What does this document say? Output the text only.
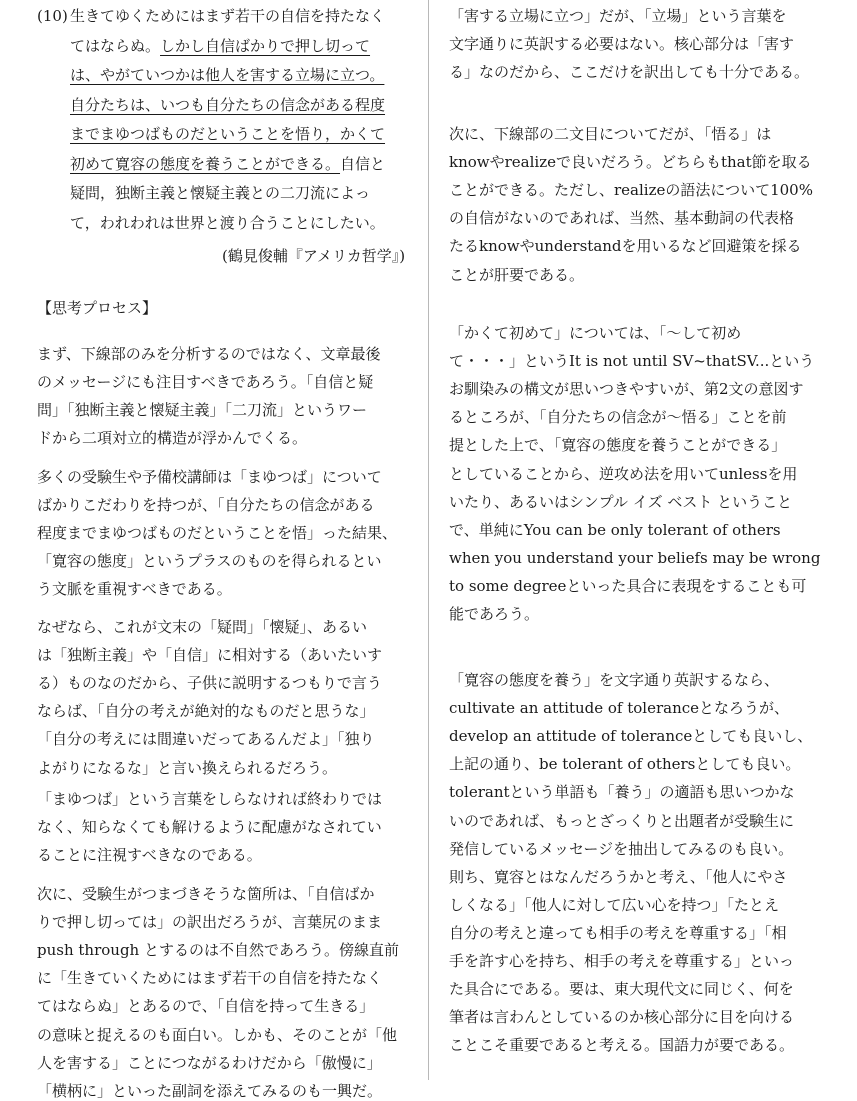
(10) 生きてゆくためにはまず若干の自信を持たなく
てはならぬ。しかし自信ばかりで押し切って
は、やがていつかは他人を害する立場に立つ。
自分たちは、いつも自分たちの信念がある程度
までまゆつばものだということを悟り，かくて
初めて寛容の態度を養うことができる。自信と
疑問，独断主義と懐疑主義との二刀流によっ
て，われわれは世界と渡り合うことにしたい。
(鶴見俊輔『アメリカ哲学』)
【思考プロセス】
まず、下線部のみを分析するのではなく、文章最後
のメッセージにも注目すべきであろう。「自信と疑
問」「独断主義と懐疑主義」「二刀流」というワー
ドから二項対立的構造が浮かんでくる。
多くの受験生や予備校講師は「まゆつば」について
ばかりこだわりを持つが、「自分たちの信念がある
程度までまゆつばものだということを悟」った結果、
「寛容の態度」というプラスのものを得られるとい
う文脈を重視すべきである。
なぜなら、これが文末の「疑問」「懐疑」、あるい
は「独断主義」や「自信」に相対する（あいたいす
る）ものなのだから、子供に説明するつもりで言う
ならば、「自分の考えが絶対的なものだと思うな」
「自分の考えには間違いだってあるんだよ」「独り
よがりになるな」と言い換えられるだろう。
「まゆつば」という言葉をしらなければ終わりでは
なく、知らなくても解けるように配慮がなされてい
ることに注視すべきなのである。
次に、受験生がつまづきそうな箇所は、「自信ばか
りで押し切っては」の訳出だろうが、言葉尻のまま
push through とするのは不自然であろう。傍線直前
に「生きていくためにはまず若干の自信を持たなく
てはならぬ」とあるので、「自信を持って生きる」
の意味と捉えるのも面白い。しかも、そのことが「他
人を害する」ことにつながるわけだから「傲慢に」
「横柄に」といった副詞を添えてみるのも一興だ。
「害する立場に立つ」だが、「立場」という言葉を
文字通りに英訳する必要はない。核心部分は「害す
る」なのだから、ここだけを訳出しても十分である。
次に、下線部の二文目についてだが、「悟る」は
knowやrealizeで良いだろう。どちらもthat節を取る
ことができる。ただし、realizeの語法について100%
の自信がないのであれば、当然、基本動詞の代表格
たるknowやunderstandを用いるなど回避策を採る
ことが肝要である。
「かくて初めて」については、「〜して初め
て・・・」というIt is not until SV~thatSV...という
お馴染みの構文が思いつきやすいが、第2文の意図す
るところが、「自分たちの信念が〜悟る」ことを前
提とした上で、「寛容の態度を養うことができる」
としていることから、逆攻め法を用いてunlessを用
いたり、あるいはシンプル イズ ベスト ということ
で、単純にYou can be only tolerant of others
when you understand your beliefs may be wrong
to some degreeといった具合に表現をすることも可
能であろう。
「寛容の態度を養う」を文字通り英訳するなら、
cultivate an attitude of toleranceとなろうが、
develop an attitude of toleranceとしても良いし、
上記の通り、be tolerant of othersとしても良い。
tolerantという単語も「養う」の適語も思いつかな
いのであれば、もっとざっくりと出題者が受験生に
発信しているメッセージを抽出してみるのも良い。
則ち、寛容とはなんだろうかと考え、「他人にやさ
しくなる」「他人に対して広い心を持つ」「たとえ
自分の考えと違っても相手の考えを尊重する」「相
手を許す心を持ち、相手の考えを尊重する」といっ
た具合にである。要は、東大現代文に同じく、何を
筆者は言わんとしているのか核心部分に目を向ける
ことこそ重要であると考える。国語力が要である。
